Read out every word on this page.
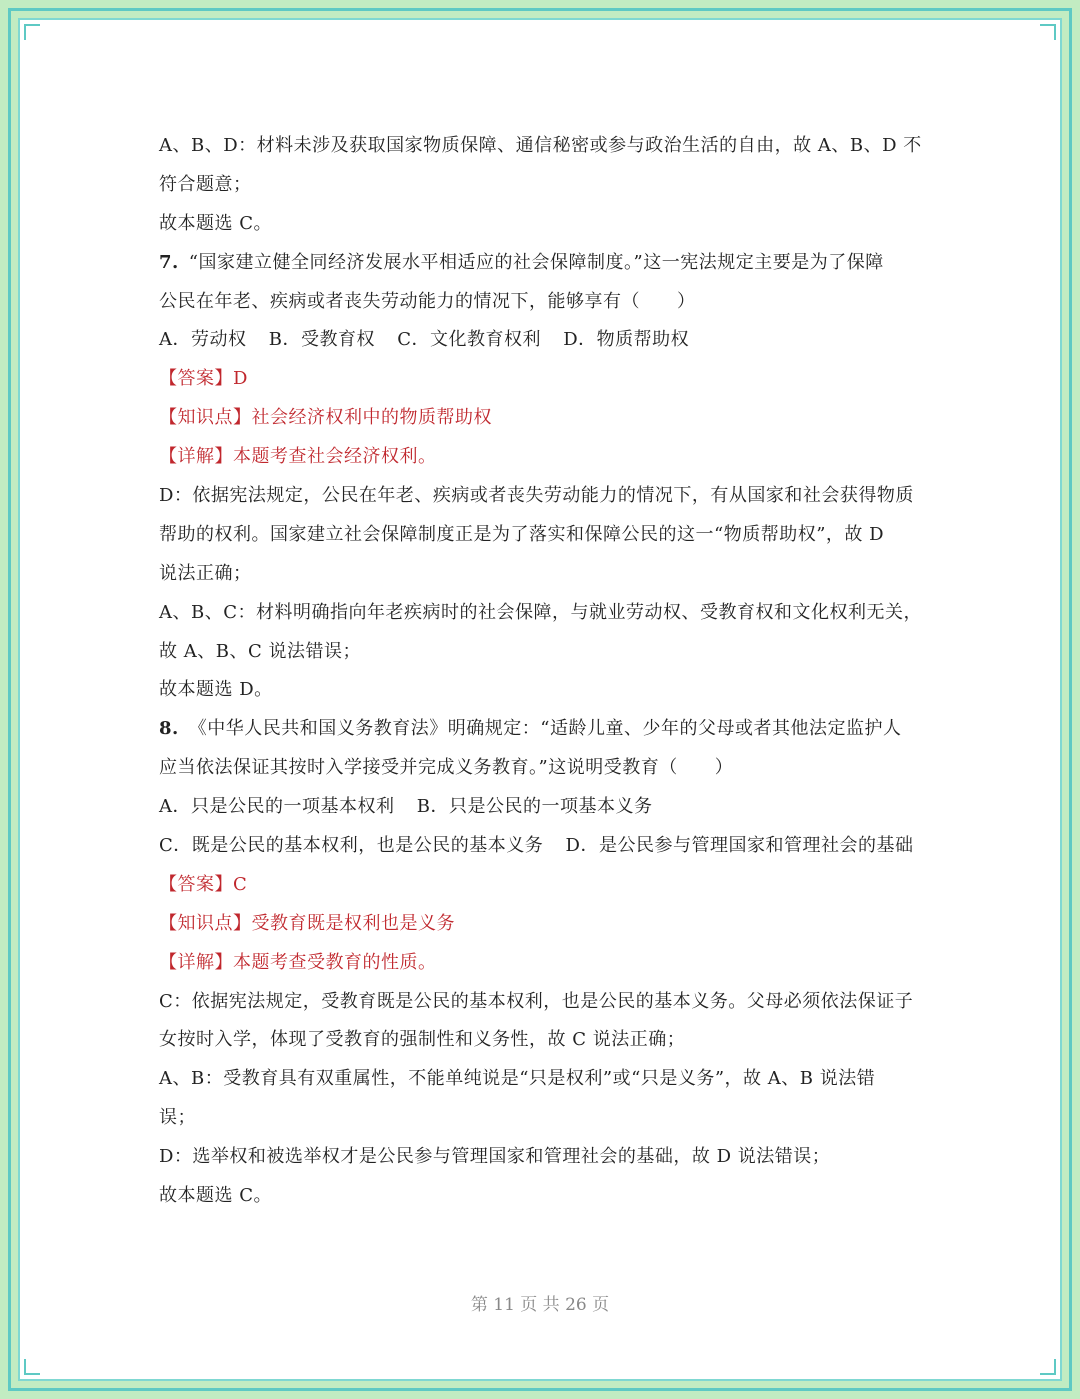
A、B、D：材料未涉及获取国家物质保障、通信秘密或参与政治生活的自由，故 A、B、D 不
符合题意；
故本题选 C。
7. “国家建立健全同经济发展水平相适应的社会保障制度。”这一宪法规定主要是为了保障
公民在年老、疾病或者丧失劳动能力的情况下，能够享有（　　）
A．劳动权 B．受教育权 C．文化教育权利 D．物质帮助权
【答案】D
【知识点】社会经济权利中的物质帮助权
【详解】本题考查社会经济权利。
D：依据宪法规定，公民在年老、疾病或者丧失劳动能力的情况下，有从国家和社会获得物质
帮助的权利。国家建立社会保障制度正是为了落实和保障公民的这一“物质帮助权”，故 D
说法正确；
A、B、C：材料明确指向年老疾病时的社会保障，与就业劳动权、受教育权和文化权利无关，
故 A、B、C 说法错误；
故本题选 D。
8. 《中华人民共和国义务教育法》明确规定：“适龄儿童、少年的父母或者其他法定监护人
应当依法保证其按时入学接受并完成义务教育。”这说明受教育（　　）
A．只是公民的一项基本权利 B．只是公民的一项基本义务
C．既是公民的基本权利，也是公民的基本义务 D．是公民参与管理国家和管理社会的基础
【答案】C
【知识点】受教育既是权利也是义务
【详解】本题考查受教育的性质。
C：依据宪法规定，受教育既是公民的基本权利，也是公民的基本义务。父母必须依法保证子
女按时入学，体现了受教育的强制性和义务性，故 C 说法正确；
A、B：受教育具有双重属性，不能单纯说是“只是权利”或“只是义务”，故 A、B 说法错
误；
D：选举权和被选举权才是公民参与管理国家和管理社会的基础，故 D 说法错误；
故本题选 C。
第 11 页 共 26 页
